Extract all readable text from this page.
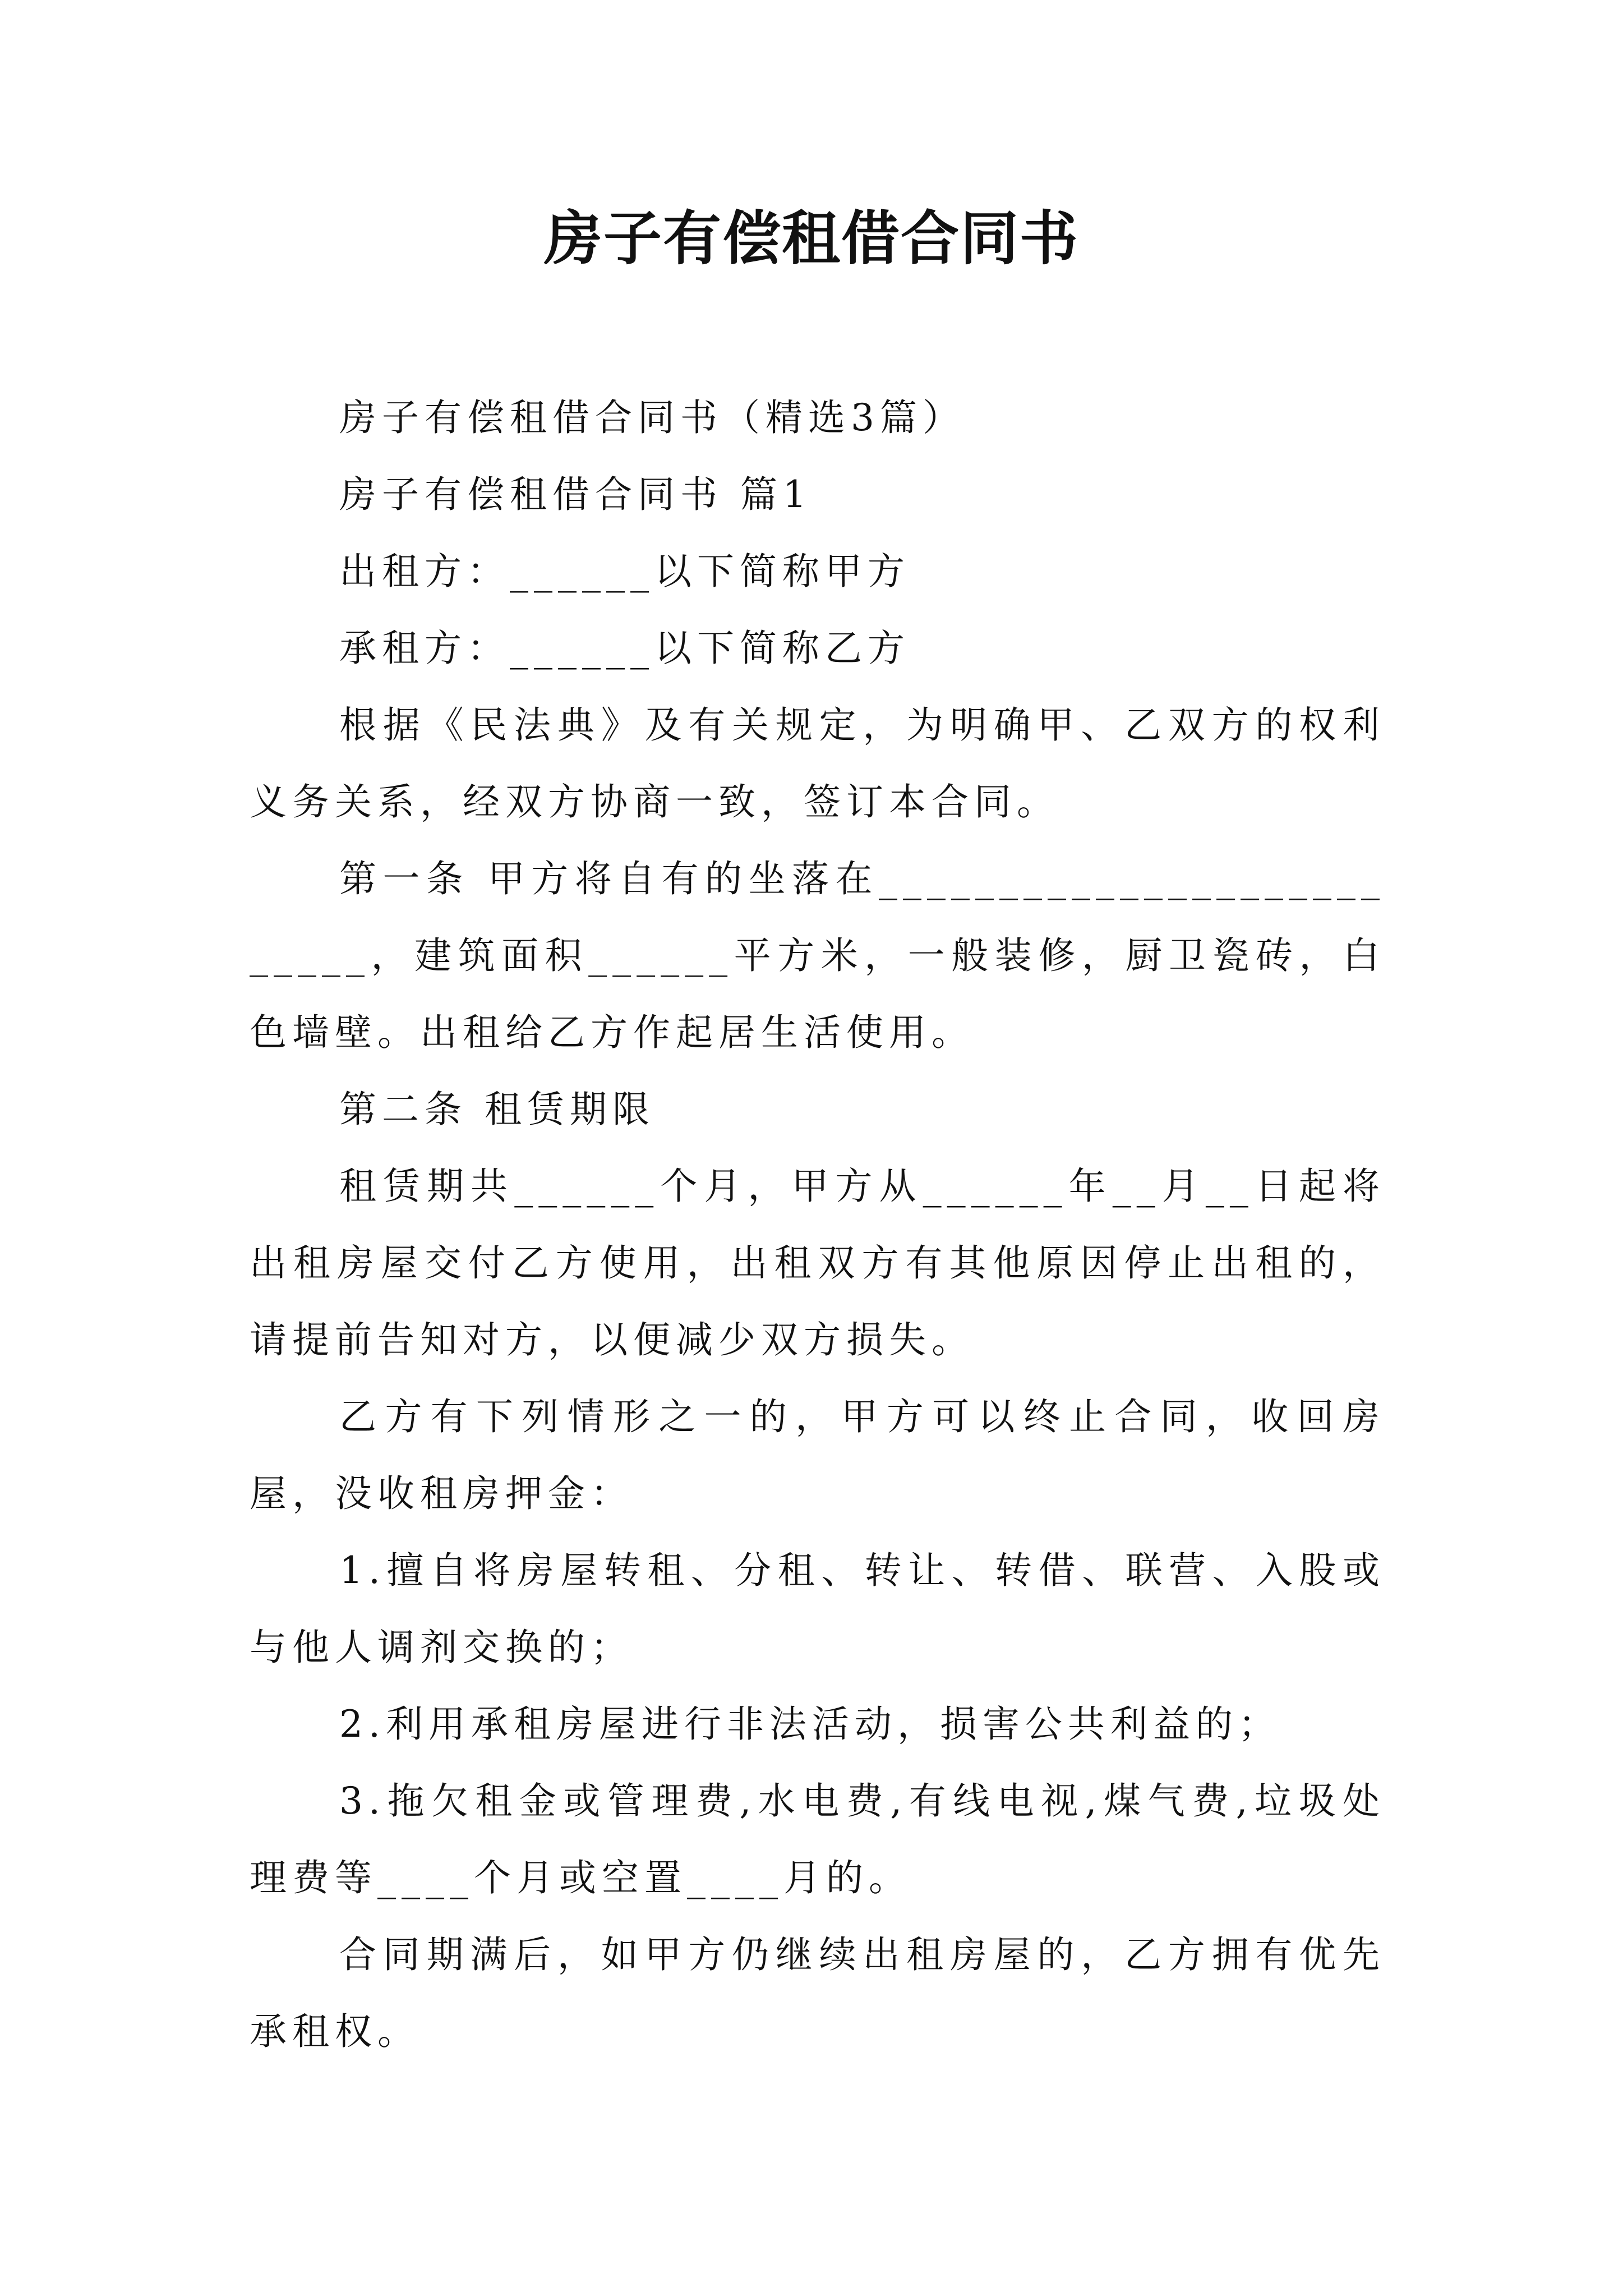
房子有偿租借合同书

房子有偿租借合同书（精选3篇）

房子有偿租借合同书 篇1

出租方：______以下简称甲方

承租方：______以下简称乙方

根据《民法典》及有关规定，为明确甲、乙双方的权利义务关系，经双方协商一致，签订本合同。

第一条 甲方将自有的坐落在__________________________，建筑面积______平方米，一般装修，厨卫瓷砖，白色墙壁。出租给乙方作起居生活使用。

第二条 租赁期限

租赁期共______个月，甲方从______年__月__日起将出租房屋交付乙方使用，出租双方有其他原因停止出租的，请提前告知对方，以便减少双方损失。

乙方有下列情形之一的，甲方可以终止合同，收回房屋，没收租房押金：

1.擅自将房屋转租、分租、转让、转借、联营、入股或与他人调剂交换的；

2.利用承租房屋进行非法活动，损害公共利益的；

3.拖欠租金或管理费,水电费,有线电视,煤气费,垃圾处理费等____个月或空置____月的。

合同期满后，如甲方仍继续出租房屋的，乙方拥有优先承租权。
